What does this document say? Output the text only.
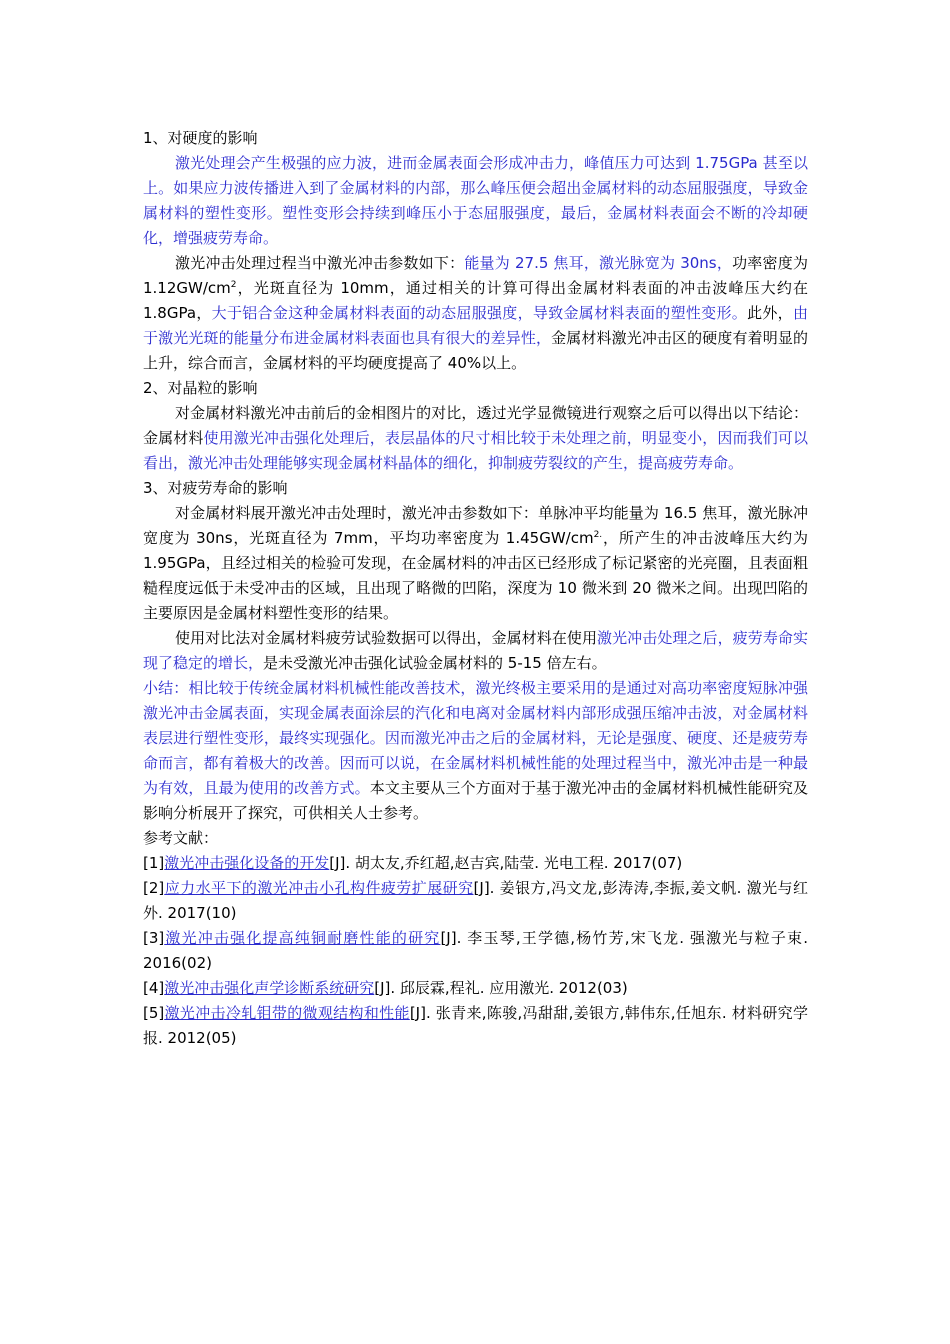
1、对硬度的影响

激光处理会产生极强的应力波，进而金属表面会形成冲击力，峰值压力可达到 1.75GPa 甚至以上。如果应力波传播进入到了金属材料的内部，那么峰压便会超出金属材料的动态屈服强度，导致金属材料的塑性变形。塑性变形会持续到峰压小于态屈服强度，最后，金属材料表面会不断的冷却硬化，增强疲劳寿命。

激光冲击处理过程当中激光冲击参数如下：能量为 27.5 焦耳，激光脉宽为 30ns，功率密度为 $1.12GW/cm^2$，光斑直径为 10mm，通过相关的计算可得出金属材料表面的冲击波峰压大约在 1.8GPa，大于铝合金这种金属材料表面的动态屈服强度，导致金属材料表面的塑性变形。此外，由于激光光斑的能量分布进金属材料表面也具有很大的差异性，金属材料激光冲击区的硬度有着明显的上升，综合而言，金属材料的平均硬度提高了 40%以上。

2、对晶粒的影响

对金属材料激光冲击前后的金相图片的对比，透过光学显微镜进行观察之后可以得出以下结论：金属材料使用激光冲击强化处理后，表层晶体的尺寸相比较于未处理之前，明显变小，因而我们可以看出，激光冲击处理能够实现金属材料晶体的细化，抑制疲劳裂纹的产生，提高疲劳寿命。

3、对疲劳寿命的影响

对金属材料展开激光冲击处理时，激光冲击参数如下：单脉冲平均能量为 16.5 焦耳，激光脉冲宽度为 30ns，光斑直径为 7mm，平均功率密度为 $1.45GW/cm^{2.}$，所产生的冲击波峰压大约为 1.95GPa，且经过相关的检验可发现，在金属材料的冲击区已经形成了标记紧密的光亮圈，且表面粗糙程度远低于未受冲击的区域，且出现了略微的凹陷，深度为 10 微米到 20 微米之间。出现凹陷的主要原因是金属材料塑性变形的结果。

使用对比法对金属材料疲劳试验数据可以得出，金属材料在使用激光冲击处理之后，疲劳寿命实现了稳定的增长，是未受激光冲击强化试验金属材料的 5-15 倍左右。

小结：相比较于传统金属材料机械性能改善技术，激光终极主要采用的是通过对高功率密度短脉冲强激光冲击金属表面，实现金属表面涂层的汽化和电离对金属材料内部形成强压缩冲击波，对金属材料表层进行塑性变形，最终实现强化。因而激光冲击之后的金属材料，无论是强度、硬度、还是疲劳寿命而言，都有着极大的改善。因而可以说，在金属材料机械性能的处理过程当中，激光冲击是一种最为有效，且最为使用的改善方式。本文主要从三个方面对于基于激光冲击的金属材料机械性能研究及影响分析展开了探究，可供相关人士参考。

参考文献：

[1]激光冲击强化设备的开发[J]. 胡太友,乔红超,赵吉宾,陆莹. 光电工程. 2017(07)

[2]应力水平下的激光冲击小孔构件疲劳扩展研究[J]. 姜银方,冯文龙,彭涛涛,李振,姜文帆. 激光与红外. 2017(10)

[3]激光冲击强化提高纯铜耐磨性能的研究[J]. 李玉琴,王学德,杨竹芳,宋飞龙. 强激光与粒子束. 2016(02)

[4]激光冲击强化声学诊断系统研究[J]. 邱辰霖,程礼. 应用激光. 2012(03)

[5]激光冲击冷轧钼带的微观结构和性能[J]. 张青来,陈骏,冯甜甜,姜银方,韩伟东,任旭东. 材料研究学报. 2012(05)
